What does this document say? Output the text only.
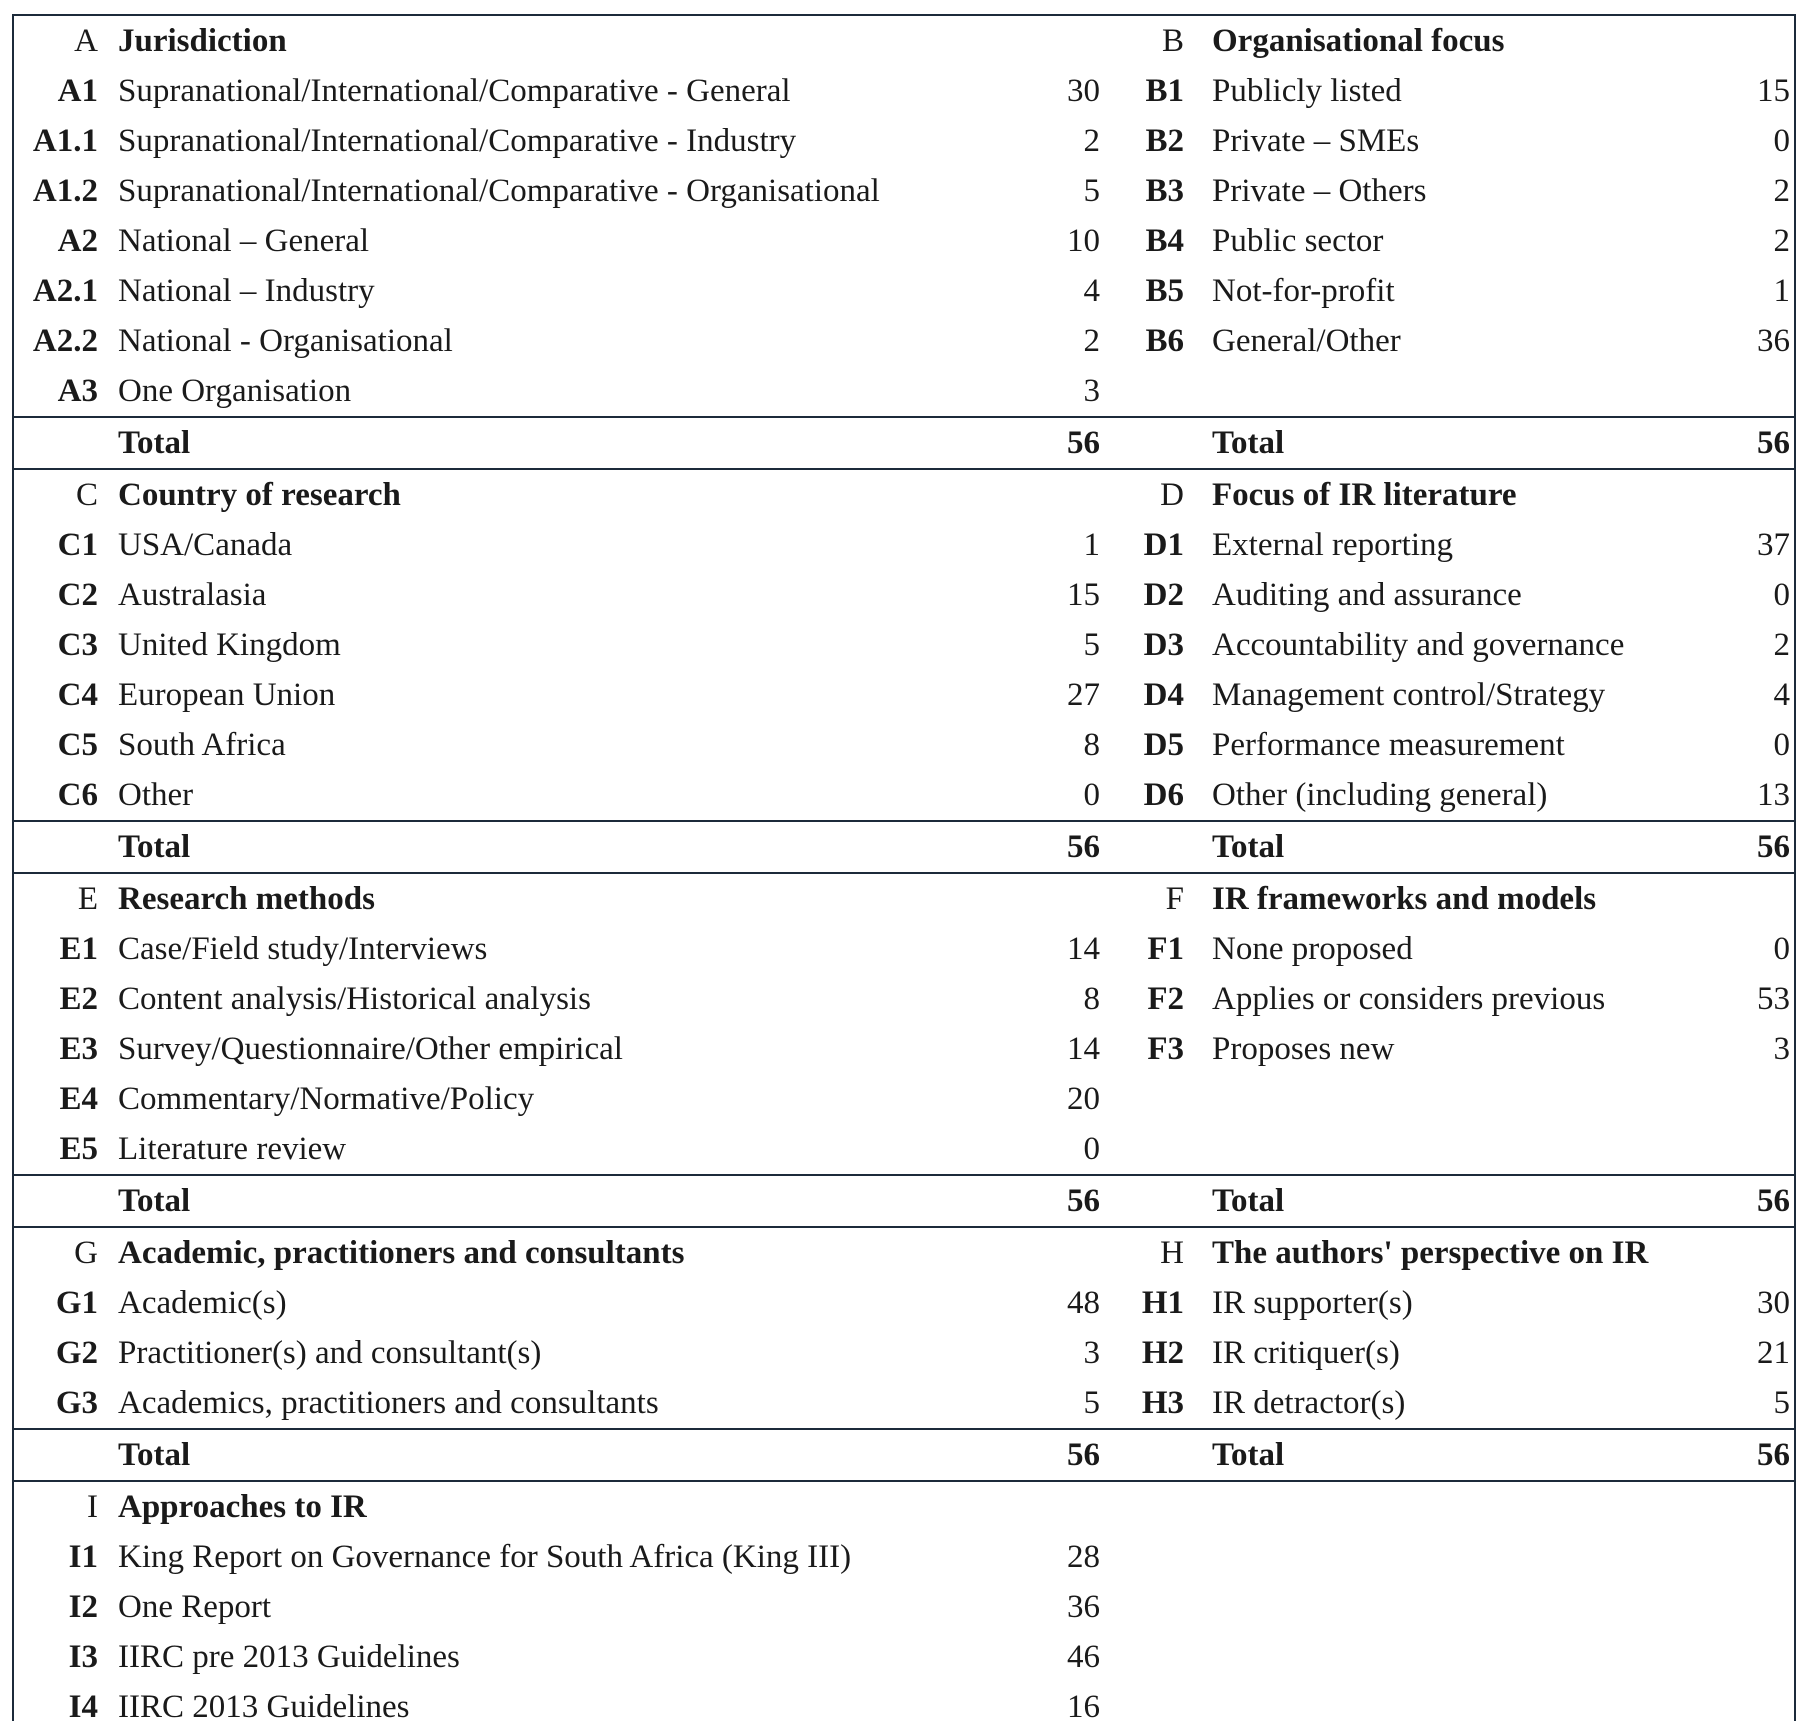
A Jurisdiction	B Organisational focus
A1 Supranational/International/Comparative - General	30	B1 Publicly listed	15
A1.1 Supranational/International/Comparative - Industry	2	B2 Private – SMEs	0
A1.2 Supranational/International/Comparative - Organisational	5	B3 Private – Others	2
A2 National – General	10	B4 Public sector	2
A2.1 National – Industry	4	B5 Not-for-profit	1
A2.2 National - Organisational	2	B6 General/Other	36
A3 One Organisation	3
Total	56	Total	56
C Country of research	D Focus of IR literature
C1 USA/Canada	1	D1 External reporting	37
C2 Australasia	15	D2 Auditing and assurance	0
C3 United Kingdom	5	D3 Accountability and governance	2
C4 European Union	27	D4 Management control/Strategy	4
C5 South Africa	8	D5 Performance measurement	0
C6 Other	0	D6 Other (including general)	13
Total	56	Total	56
E Research methods	F IR frameworks and models
E1 Case/Field study/Interviews	14	F1 None proposed	0
E2 Content analysis/Historical analysis	8	F2 Applies or considers previous	53
E3 Survey/Questionnaire/Other empirical	14	F3 Proposes new	3
E4 Commentary/Normative/Policy	20
E5 Literature review	0
Total	56	Total	56
G Academic, practitioners and consultants	H The authors' perspective on IR
G1 Academic(s)	48	H1 IR supporter(s)	30
G2 Practitioner(s) and consultant(s)	3	H2 IR critiquer(s)	21
G3 Academics, practitioners and consultants	5	H3 IR detractor(s)	5
Total	56	Total	56
I Approaches to IR
I1 King Report on Governance for South Africa (King III)	28
I2 One Report	36
I3 IIRC pre 2013 Guidelines	46
I4 IIRC 2013 Guidelines	16
